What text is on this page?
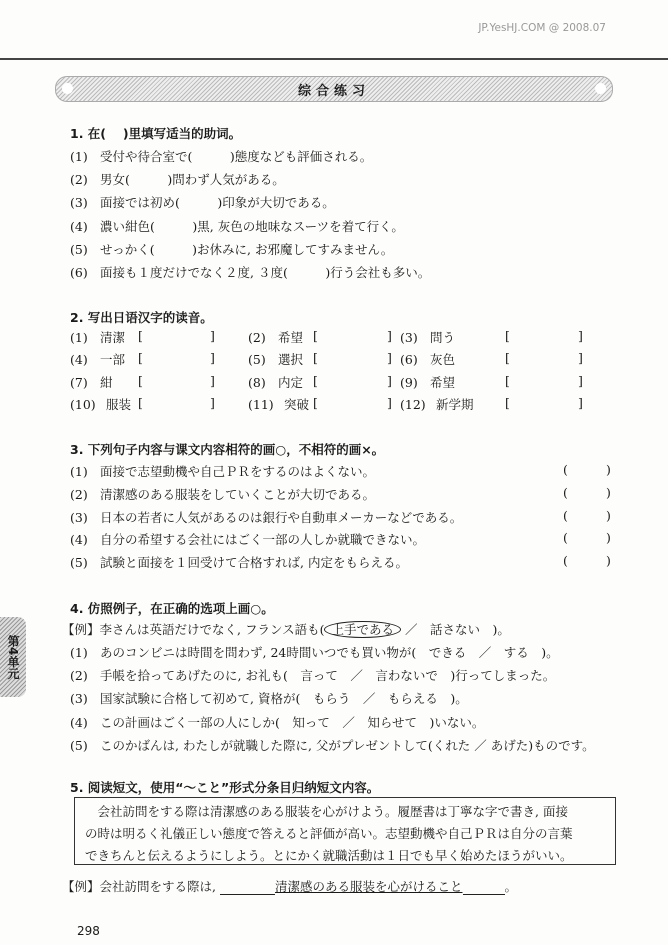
JP.YesHJ.COM @ 2008.07
综合练习
第4单元
1. 在(　 )里填写适当的助词。
(1) 受付や待合室で(　　　)態度なども評価される。
(2) 男女(　　　)問わず人気がある。
(3) 面接では初め(　　　)印象が大切である。
(4) 濃い紺色(　　　)黒, 灰色の地味なスーツを着て行く。
(5) せっかく(　　　)お休みに, お邪魔してすみません。
(6) 面接も１度だけでなく２度, ３度(　　　)行う会社も多い。
2. 写出日语汉字的读音。
(1) 清潔 [	]	(2) 希望 [	] (3) 問う	[	]
(4) 一部 [	]	(5) 選択 [	] (6) 灰色	[	]
(7) 紺 [	]	(8) 内定 [	] (9) 希望	[	]
(10) 服装 [	]	(11) 突破 [	] (12) 新学期	[	]
3. 下列句子内容与课文内容相符的画○，不相符的画×。
(1) 面接で志望動機や自己ＰＲをするのはよくない。	(	)
(2) 清潔感のある服装をしていくことが大切である。	(	)
(3) 日本の若者に人気があるのは銀行や自動車メーカーなどである。	(	)
(4) 自分の希望する会社にはごく一部の人しか就職できない。	(	)
(5) 試験と面接を１回受けて合格すれば, 内定をもらえる。	(	)
4. 仿照例子，在正确的选项上画○。
【例】李さんは英語だけでなく, フランス語も( 上手である ／　話さない　)。
(1) あのコンビニは時間を問わず, 24時間いつでも買い物が(　できる　／　する　)。
(2) 手帳を拾ってあげたのに, お礼も(　言って　／　言わないで　)行ってしまった。
(3) 国家試験に合格して初めて, 資格が(　もらう　／　もらえる　)。
(4) この計画はごく一部の人にしか(　知って　／　知らせて　)いない。
(5) このかばんは, わたしが就職した際に, 父がプレゼントして(くれた ／ あげた)ものです。
5. 阅读短文，使用“～こと”形式分条目归纳短文内容。
　会社訪問をする際は清潔感のある服装を心がけよう。履歴書は丁寧な字で書き, 面接
の時は明るく礼儀正しい態度で答えると評価が高い。志望動機や自己ＰＲは自分の言葉
できちんと伝えるようにしよう。とにかく就職活動は１日でも早く始めたほうがいい。
【例】会社訪問をする際は,	清潔感のある服装を心がけること	。
298
